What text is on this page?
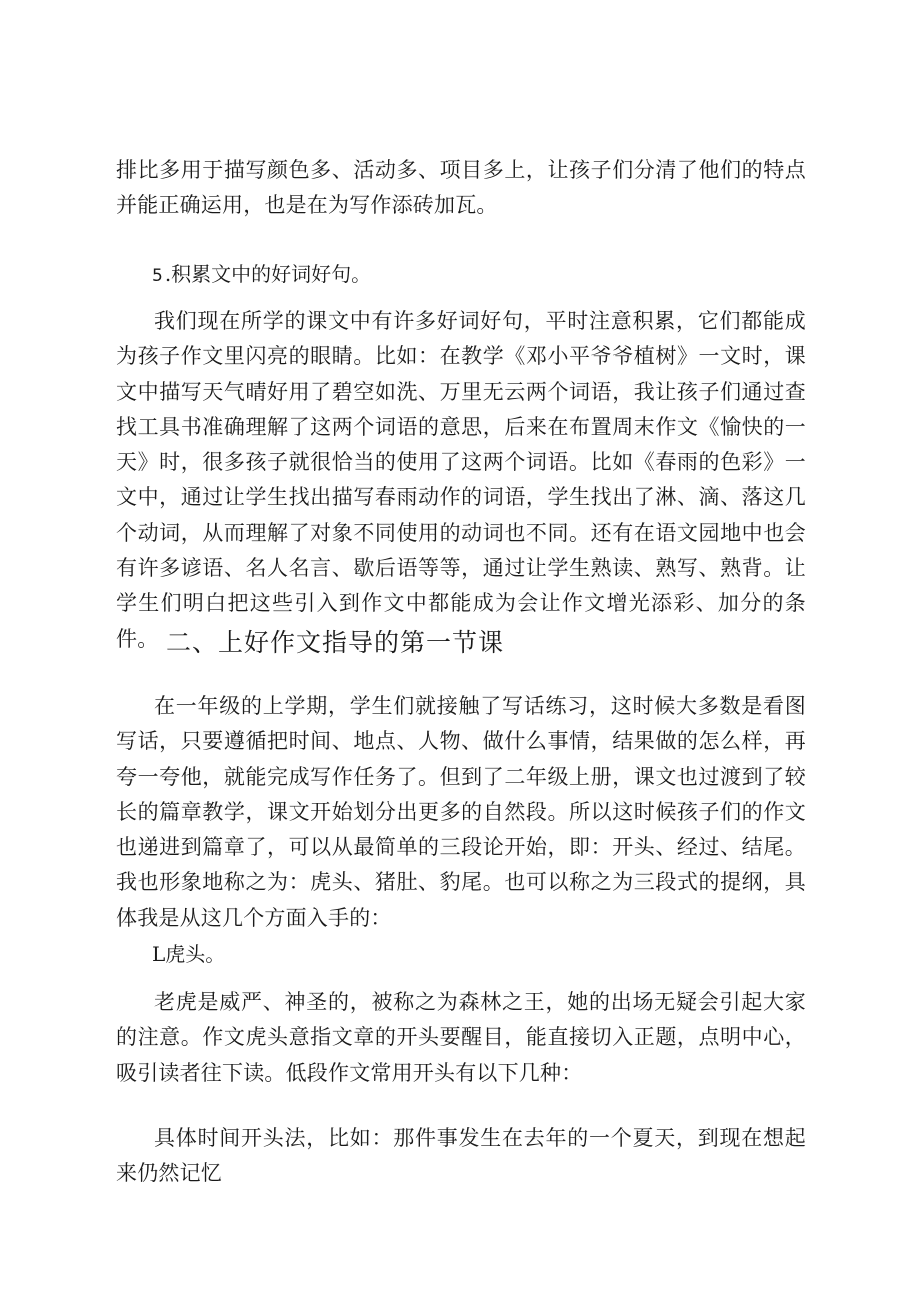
排比多用于描写颜色多、活动多、项目多上，让孩子们分清了他们的特点并能正确运用，也是在为写作添砖加瓦。

5.积累文中的好词好句。

我们现在所学的课文中有许多好词好句，平时注意积累，它们都能成为孩子作文里闪亮的眼睛。比如：在教学《邓小平爷爷植树》一文时，课文中描写天气晴好用了碧空如洗、万里无云两个词语，我让孩子们通过查找工具书准确理解了这两个词语的意思，后来在布置周末作文《愉快的一天》时，很多孩子就很恰当的使用了这两个词语。比如《春雨的色彩》一文中，通过让学生找出描写春雨动作的词语，学生找出了淋、滴、落这几个动词，从而理解了对象不同使用的动词也不同。还有在语文园地中也会有许多谚语、名人名言、歇后语等等，通过让学生熟读、熟写、熟背。让学生们明白把这些引入到作文中都能成为会让作文增光添彩、加分的条件。 二、上好作文指导的第一节课

在一年级的上学期，学生们就接触了写话练习，这时候大多数是看图写话，只要遵循把时间、地点、人物、做什么事情，结果做的怎么样，再夸一夸他，就能完成写作任务了。但到了二年级上册，课文也过渡到了较长的篇章教学，课文开始划分出更多的自然段。所以这时候孩子们的作文也递进到篇章了，可以从最简单的三段论开始，即：开头、经过、结尾。我也形象地称之为：虎头、猪肚、豹尾。也可以称之为三段式的提纲，具体我是从这几个方面入手的：

L虎头。

老虎是威严、神圣的，被称之为森林之王，她的出场无疑会引起大家的注意。作文虎头意指文章的开头要醒目，能直接切入正题，点明中心，吸引读者往下读。低段作文常用开头有以下几种：

具体时间开头法，比如：那件事发生在去年的一个夏天，到现在想起来仍然记忆
